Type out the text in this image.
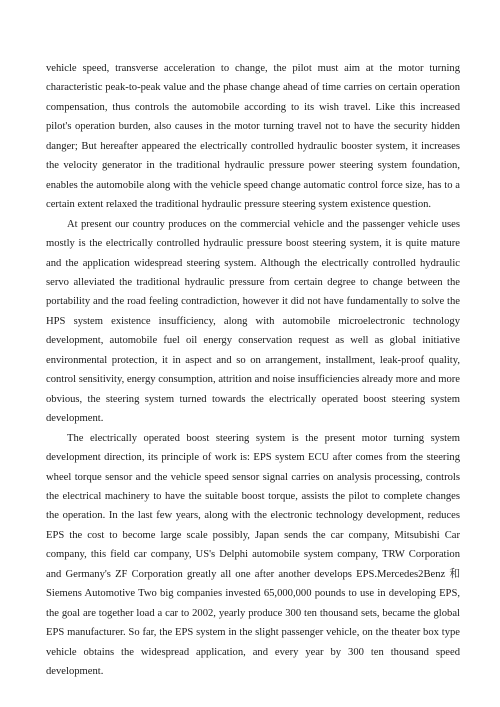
vehicle speed, transverse acceleration to change, the pilot must aim at the motor turning characteristic peak-to-peak value and the phase change ahead of time carries on certain operation compensation, thus controls the automobile according to its wish travel. Like this increased pilot's operation burden, also causes in the motor turning travel not to have the security hidden danger; But hereafter appeared the electrically controlled hydraulic booster system, it increases the velocity generator in the traditional hydraulic pressure power steering system foundation, enables the automobile along with the vehicle speed change automatic control force size, has to a certain extent relaxed the traditional hydraulic pressure steering system existence question.

At present our country produces on the commercial vehicle and the passenger vehicle uses mostly is the electrically controlled hydraulic pressure boost steering system, it is quite mature and the application widespread steering system. Although the electrically controlled hydraulic servo alleviated the traditional hydraulic pressure from certain degree to change between the portability and the road feeling contradiction, however it did not have fundamentally to solve the HPS system existence insufficiency, along with automobile microelectronic technology development, automobile fuel oil energy conservation request as well as global initiative environmental protection, it in aspect and so on arrangement, installment, leak-proof quality, control sensitivity, energy consumption, attrition and noise insufficiencies already more and more obvious, the steering system turned towards the electrically operated boost steering system development.

The electrically operated boost steering system is the present motor turning system development direction, its principle of work is: EPS system ECU after comes from the steering wheel torque sensor and the vehicle speed sensor signal carries on analysis processing, controls the electrical machinery to have the suitable boost torque, assists the pilot to complete changes the operation. In the last few years, along with the electronic technology development, reduces EPS the cost to become large scale possibly, Japan sends the car company, Mitsubishi Car company, this field car company, US's Delphi automobile system company, TRW Corporation and Germany's ZF Corporation greatly all one after another develops EPS.Mercedes2Benz 和 Siemens Automotive Two big companies invested 65,000,000 pounds to use in developing EPS, the goal are together load a car to 2002, yearly produce 300 ten thousand sets, became the global EPS manufacturer. So far, the EPS system in the slight passenger vehicle, on the theater box type vehicle obtains the widespread application, and every year by 300 ten thousand speed development.
